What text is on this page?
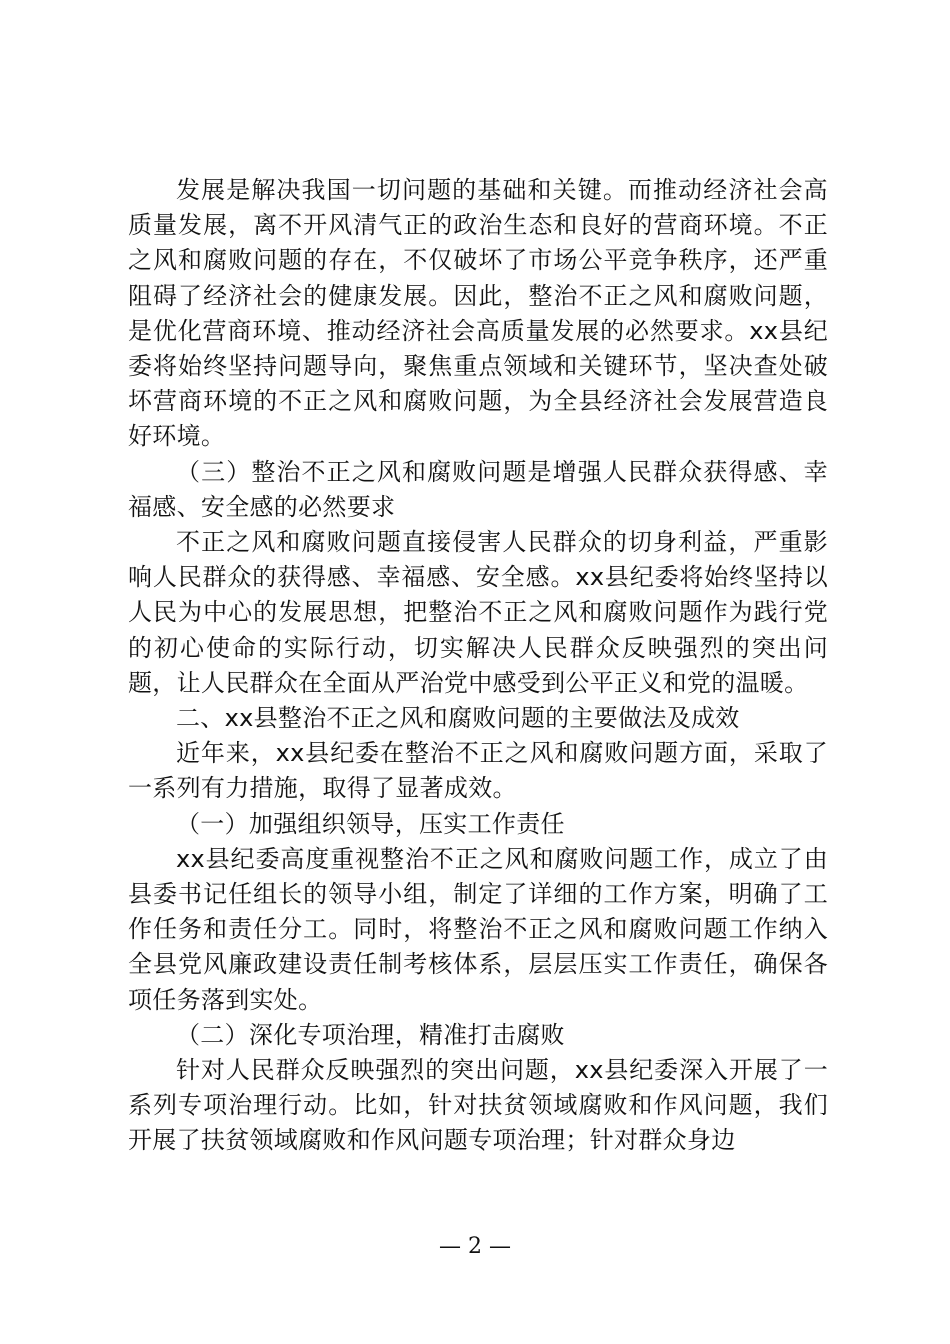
发展是解决我国一切问题的基础和关键。而推动经济社会高质量发展，离不开风清气正的政治生态和良好的营商环境。不正之风和腐败问题的存在，不仅破坏了市场公平竞争秩序，还严重阻碍了经济社会的健康发展。因此，整治不正之风和腐败问题，是优化营商环境、推动经济社会高质量发展的必然要求。xx县纪委将始终坚持问题导向，聚焦重点领域和关键环节，坚决查处破坏营商环境的不正之风和腐败问题，为全县经济社会发展营造良好环境。

（三）整治不正之风和腐败问题是增强人民群众获得感、幸福感、安全感的必然要求

不正之风和腐败问题直接侵害人民群众的切身利益，严重影响人民群众的获得感、幸福感、安全感。xx县纪委将始终坚持以人民为中心的发展思想，把整治不正之风和腐败问题作为践行党的初心使命的实际行动，切实解决人民群众反映强烈的突出问题，让人民群众在全面从严治党中感受到公平正义和党的温暖。

二、xx县整治不正之风和腐败问题的主要做法及成效

近年来，xx县纪委在整治不正之风和腐败问题方面，采取了一系列有力措施，取得了显著成效。

（一）加强组织领导，压实工作责任

xx县纪委高度重视整治不正之风和腐败问题工作，成立了由县委书记任组长的领导小组，制定了详细的工作方案，明确了工作任务和责任分工。同时，将整治不正之风和腐败问题工作纳入全县党风廉政建设责任制考核体系，层层压实工作责任，确保各项任务落到实处。

（二）深化专项治理，精准打击腐败

针对人民群众反映强烈的突出问题，xx县纪委深入开展了一系列专项治理行动。比如，针对扶贫领域腐败和作风问题，我们开展了扶贫领域腐败和作风问题专项治理；针对群众身边

— 2 —
